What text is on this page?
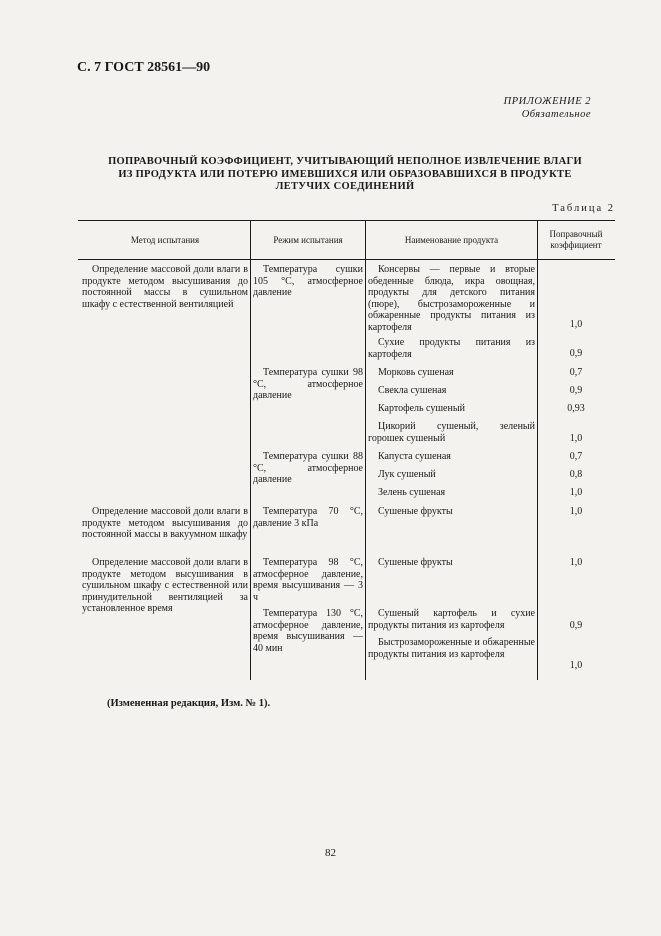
С. 7 ГОСТ 28561—90
ПРИЛОЖЕНИЕ 2
Обязательное
ПОПРАВОЧНЫЙ КОЭФФИЦИЕНТ, УЧИТЫВАЮЩИЙ НЕПОЛНОЕ ИЗВЛЕЧЕНИЕ ВЛАГИ
ИЗ ПРОДУКТА ИЛИ ПОТЕРЮ ИМЕВШИХСЯ ИЛИ ОБРАЗОВАВШИХСЯ В ПРОДУКТЕ
ЛЕТУЧИХ СОЕДИНЕНИЙ
Таблица 2
Метод испытания	Режим испытания	Наименование продукта
Поправочный коэффициент
Определение массовой доли влаги в продукте методом высушивания до постоянной массы в сушильном шкафу с естественной вентиляцией
Определение массовой доли влаги в продукте методом высушивания до постоянной массы в вакуумном шкафу
Определение массовой доли влаги в продукте методом высушивания в сушильном шкафу с естественной или принудительной вентиляцией за установленное время
Температура сушки 105 °С, атмосферное давление
Температура сушки 98 °С, атмосферное давление
Температура сушки 88 °С, атмосферное давление
Температура 70 °С, давление 3 кПа
Температура 98 °С, атмосферное давление, время высушивания — 3 ч
Температура 130 °С, атмосферное давление, время высушивания — 40 мин
Консервы — первые и вторые обеденные блюда, икра овощная, продукты для детского питания (пюре), быстрозамороженные и обжаренные продукты питания из картофеля
Сухие продукты питания из картофеля
Морковь сушеная
Свекла сушеная
Картофель сушеный
Цикорий сушеный, зеленый горошек сушеный
Капуста сушеная
Лук сушеный
Зелень сушеная
Сушеные фрукты
Сушеные фрукты
Сушеный картофель и сухие продукты питания из картофеля
Быстрозамороженные и обжаренные продукты питания из картофеля
1,0
0,9
0,7
0,9
0,93
1,0
0,7
0,8
1,0
1,0
1,0
0,9
1,0
(Измененная редакция, Изм. № 1).
82
